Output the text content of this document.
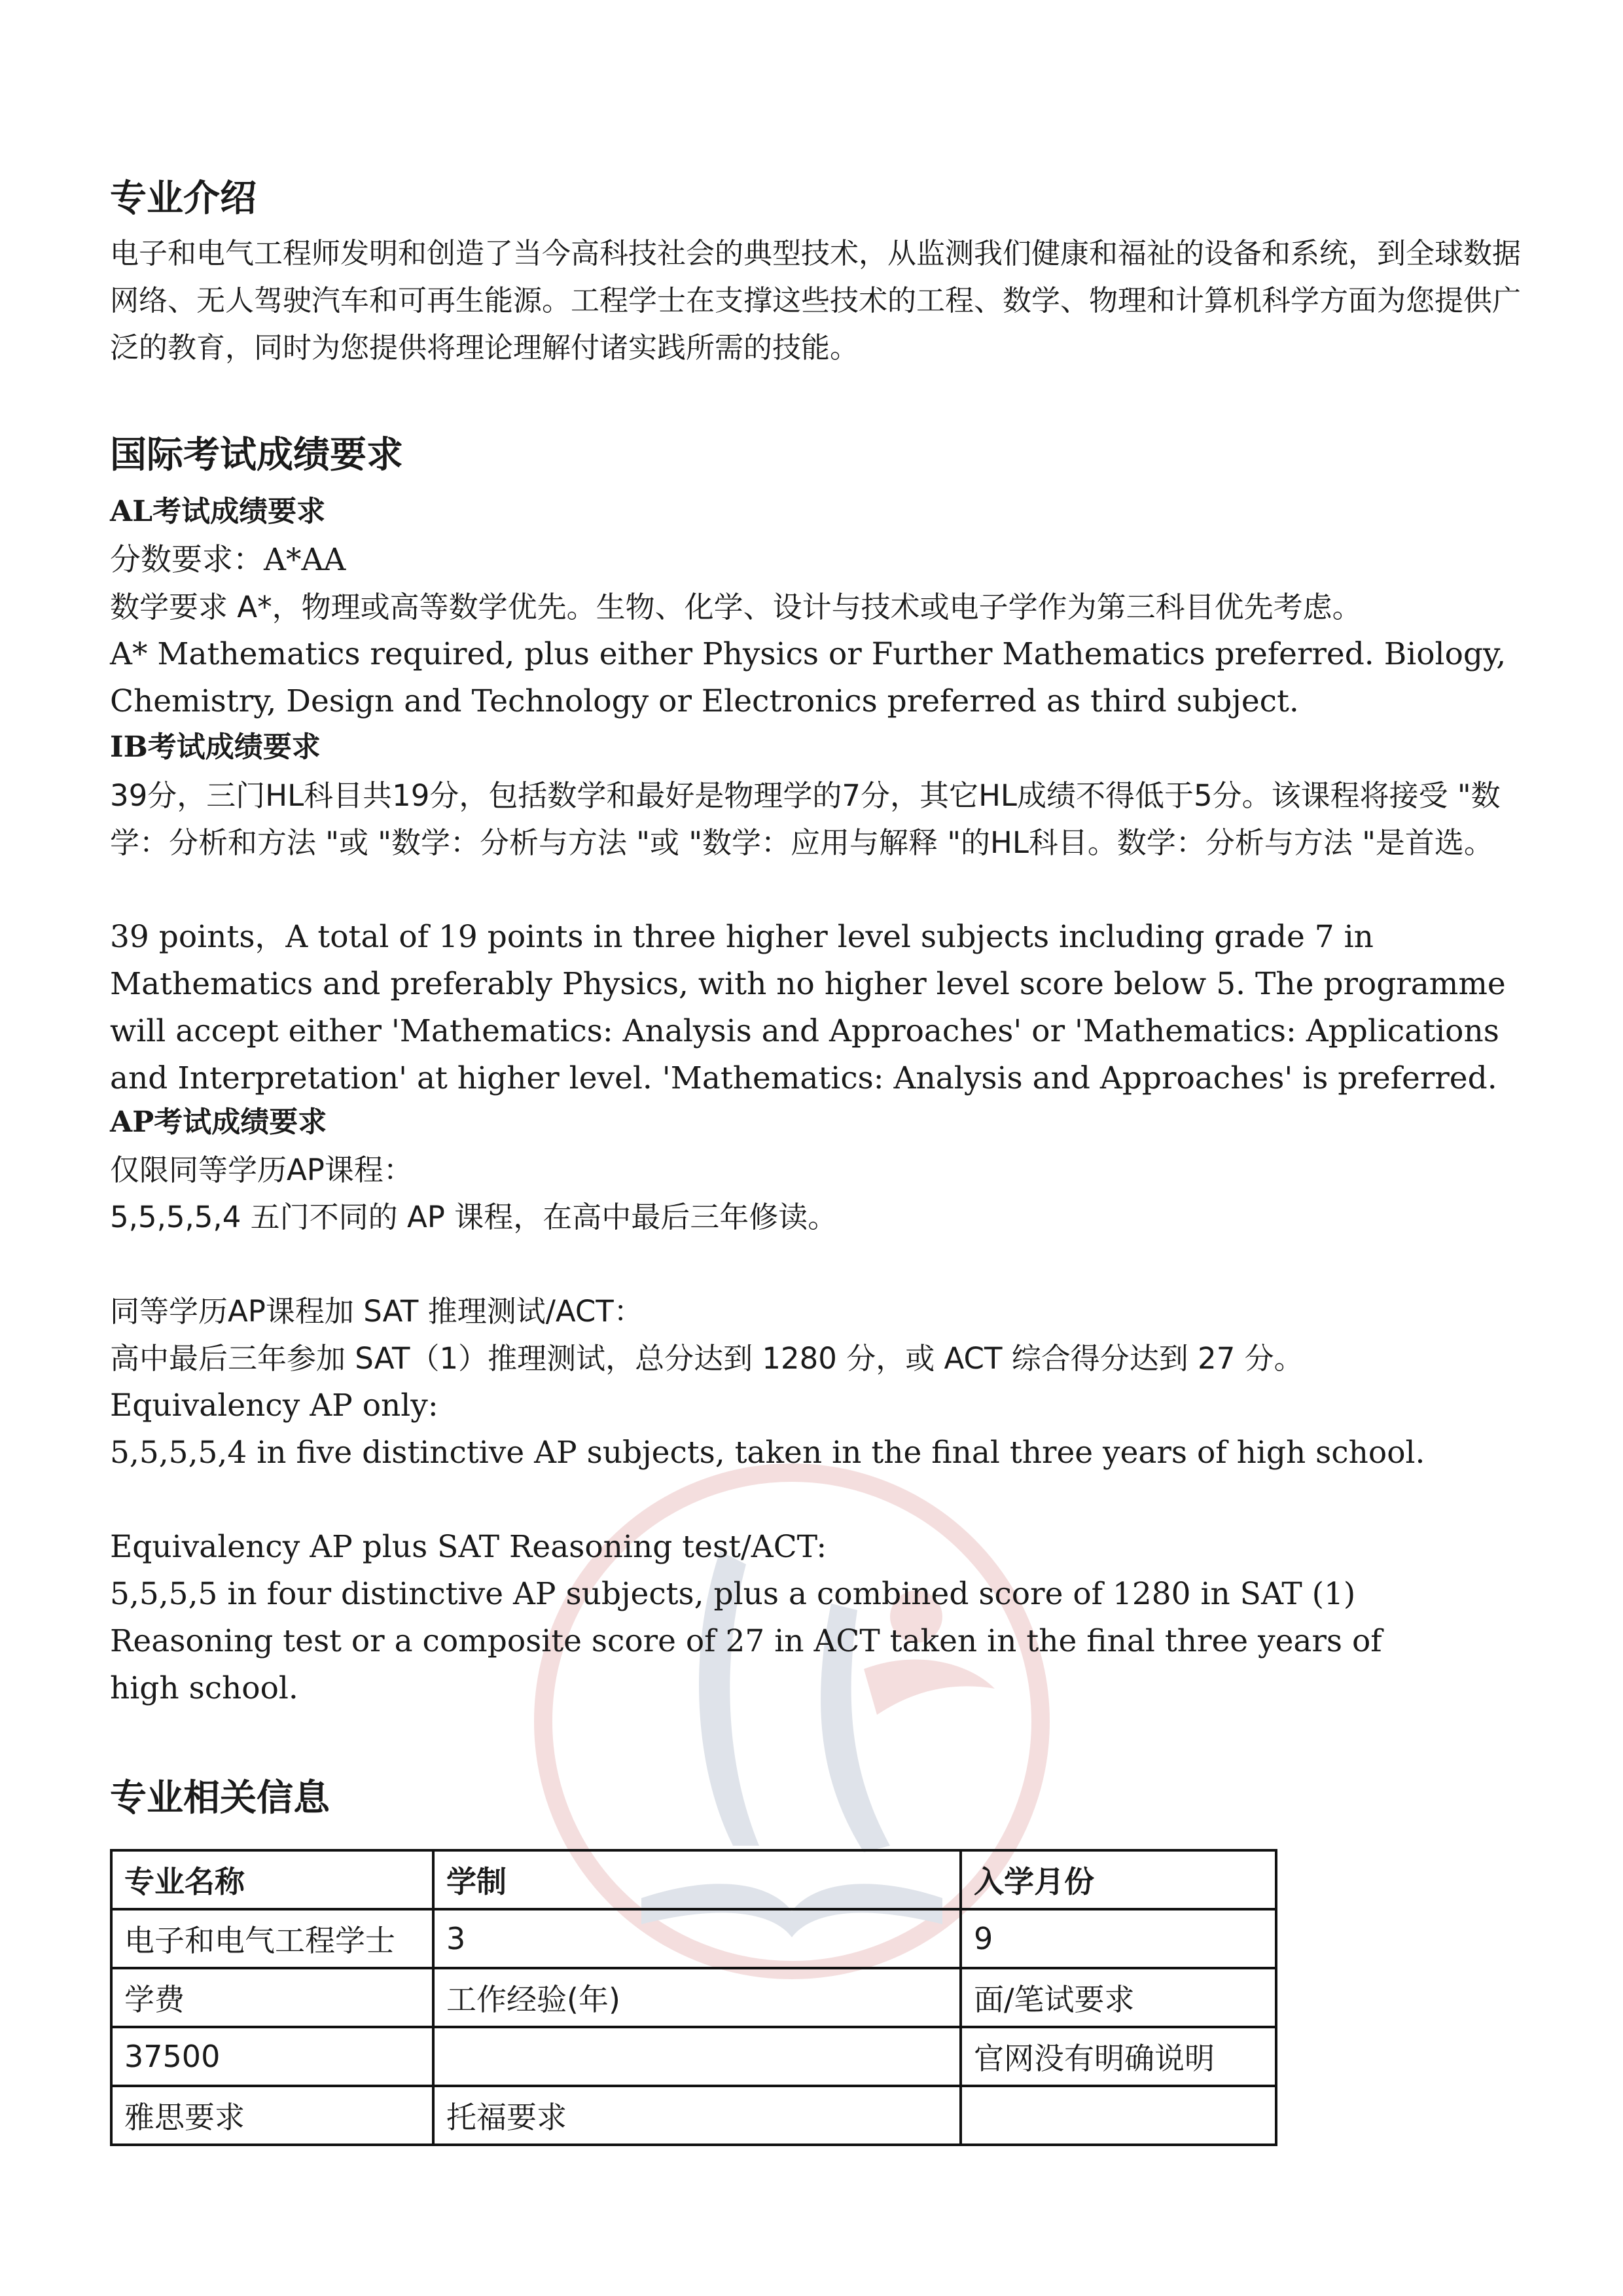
专业介绍

电子和电气工程师发明和创造了当今高科技社会的典型技术，从监测我们健康和福祉的设备和系统，到全球数据网络、无人驾驶汽车和可再生能源。工程学士在支撑这些技术的工程、数学、物理和计算机科学方面为您提供广泛的教育，同时为您提供将理论理解付诸实践所需的技能。

国际考试成绩要求
AL考试成绩要求

分数要求：A*AA

数学要求 A*，物理或高等数学优先。生物、化学、设计与技术或电子学作为第三科目优先考虑。

A* Mathematics required, plus either Physics or Further Mathematics preferred. Biology, Chemistry, Design and Technology or Electronics preferred as third subject.

IB考试成绩要求

39分，三门HL科目共19分，包括数学和最好是物理学的7分，其它HL成绩不得低于5分。该课程将接受 "数学：分析和方法 "或 "数学：分析与方法 "或 "数学：应用与解释 "的HL科目。数学：分析与方法 "是首选。

39 points，A total of 19 points in three higher level subjects including grade 7 in Mathematics and preferably Physics, with no higher level score below 5. The programme will accept either 'Mathematics: Analysis and Approaches' or 'Mathematics: Applications and Interpretation' at higher level. 'Mathematics: Analysis and Approaches' is preferred.

AP考试成绩要求

仅限同等学历AP课程：

5,5,5,5,4 五门不同的 AP 课程，在高中最后三年修读。

同等学历AP课程加 SAT 推理测试/ACT：

高中最后三年参加 SAT（1）推理测试，总分达到 1280 分，或 ACT 综合得分达到 27 分。

Equivalency AP only:

5,5,5,5,4 in five distinctive AP subjects, taken in the final three years of high school.

Equivalency AP plus SAT Reasoning test/ACT:

5,5,5,5 in four distinctive AP subjects, plus a combined score of 1280 in SAT (1) Reasoning test or a composite score of 27 in ACT taken in the final three years of high school.

专业相关信息
专业名称	学制	入学月份
电子和电气工程学士	3	9
学费	工作经验(年)	面/笔试要求
37500		官网没有明确说明
雅思要求	托福要求	
